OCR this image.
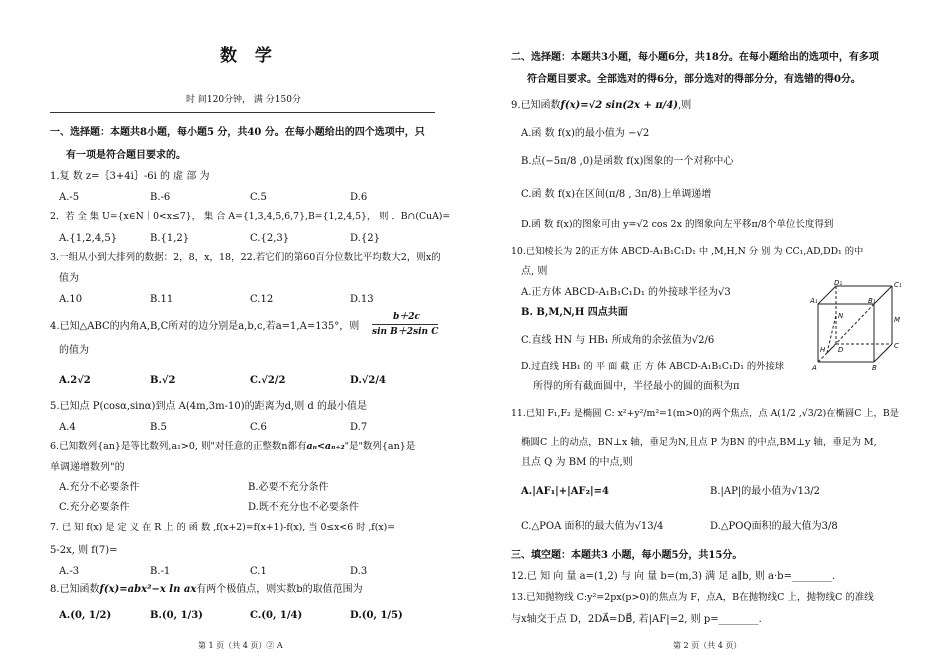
数 学
时 间120分钟， 满 分150分
一、选择题：本题共8小题，每小题5 分，共40 分。在每小题给出的四个选项中，只
有一项是符合题目要求的。
1.复 数 z=｛3+4i｝-6i 的 虚 部 为
A.-5	B.-6	C.5	D.6
2．若 全 集 U={x∈N｜0<x≤7}， 集 合 A={1,3,4,5,6,7},B={1,2,4,5}， 则 ．B∩(CuA)=
A.{1,2,4,5}	B.{1,2}	C.{2,3}	D.{2}
3.一组从小到大排列的数据：2，8，x，18，22.若它们的第60百分位数比平均数大2，则x的
值为
A.10	B.11	C.12	D.13
4.已知△ABC的内角A,B,C所对的边分别是a,b,c,若a=1,A=135°，则
b＋2c
sin B＋2sin C
的值为
A.2√2	B.√2	C.√2/2	D.√2/4
5.已知点 P(cosα,sinα)到点 A(4m,3m-10)的距离为d,则 d 的最小值是
A.4	B.5	C.6	D.7
6.已知数列{an}是等比数列,a₁>0, 则"对任意的正整数n都有aₙ<aₙ₊₂"是"数列{an}是
单调递增数列"的
A.充分不必要条件	B.必要不充分条件
C.充分必要条件	D.既不充分也不必要条件
7. 已 知 f(x) 是 定 义 在 R 上 的 函 数 ,f(x+2)=f(x+1)-f(x), 当 0≤x<6 时 ,f(x)=
5-2x, 则 f(7)=
A.-3	B.-1	C.1	D.3
8.已知函数f(x)=abx²−x ln ax有两个极值点，则实数b的取值范围为
A.(0, 1/2)	B.(0, 1/3)	C.(0, 1/4)	D.(0, 1/5)
第 1 页（共 4 页）② A
二、选择题：本题共3小题，每小题6分，共18分。在每小题给出的选项中，有多项
符合题目要求。全部选对的得6分，部分选对的得部分分，有选错的得0分。
9.已知函数f(x)=√2 sin(2x + π/4),则
A.函 数 f(x)的最小值为 −√2
B.点(−5π/8 ,0)是函数 f(x)图象的一个对称中心
C.函 数 f(x)在区间(π/8 , 3π/8)上单调递增
D.函 数 f(x)的图象可由 y=√2 cos 2x 的图象向左平移π/8个单位长度得到
10.已知棱长为 2的正方体 ABCD-A₁B₁C₁D₁ 中 ,M,H,N 分 别 为 CC₁,AD,DD₁ 的中
点, 则
A.正方体 ABCD-A₁B₁C₁D₁ 的外接球半径为√3
B. B,M,N,H 四点共面
C.直线 HN 与 HB₁ 所成角的余弦值为√2/6
D.过直线 HB₁ 的 平 面 截 正 方 体 ABCD-A₁B₁C₁D₁ 的外接球
所得的所有截面圆中，半径最小的圆的面积为π
D₁	C₁
A₁	B₁
N	M
H D	C
A	B
11.已知 F₁,F₂ 是椭圆 C: x²+y²/m²=1(m>0)的两个焦点，点 A(1/2 ,√3/2)在椭圆C 上，B是
椭圆C 上的动点，BN⊥x 轴，垂足为N,且点 P 为BN 的中点,BM⊥y 轴，垂足为 M,
且点 Q 为 BM 的中点,则
A.|AF₁|+|AF₂|=4	B.|AP|的最小值为√13/2
C.△POA 面积的最大值为√13/4	D.△POQ面积的最大值为3/8
三、填空题：本题共3 小题，每小题5分，共15分。
12.已 知 向 量 a=(1,2) 与 向 量 b=(m,3) 满 足 a∥b, 则 a·b=________.
13.已知抛物线 C:y²=2px(p>0)的焦点为 F，点A，B在抛物线C 上，抛物线C 的准线
与x轴交于点 D，2DA⃗=DB⃗, 若|AF|=2, 则 p=________.
第 2 页（共 4 页）
